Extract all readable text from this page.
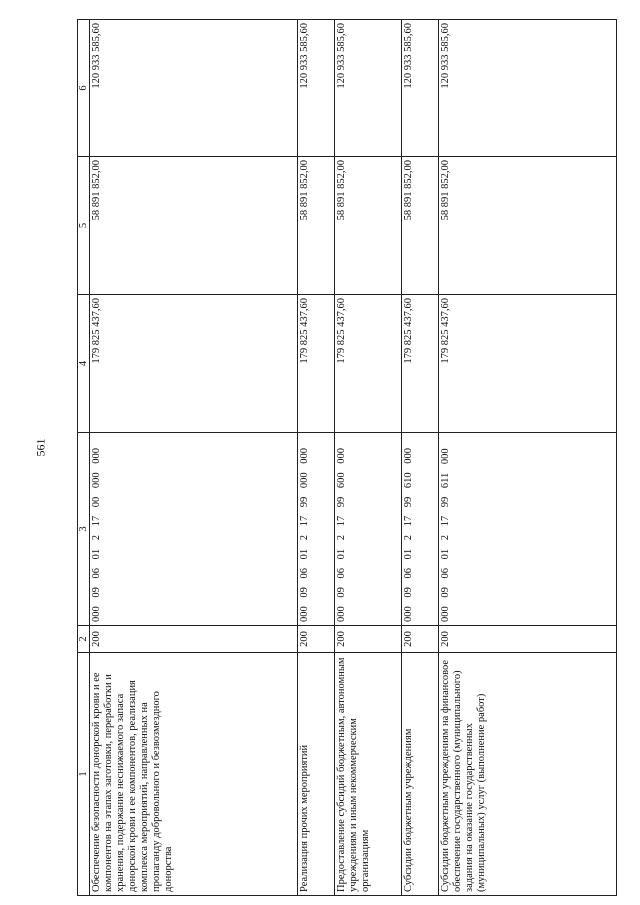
561
1	2	3	4	5	6
Обеспечение безопасности донорской крови и ее компонентов на этапах заготовки, переработки и хранения, подержание неснижаемого запаса донорской крови и ее компонентов, реализация комплекса мероприятий, направленных на пропаганду добровольного и безвозмездного донорства	200	000 09 06 01 2 17 00 000 000	179 825 437,60	58 891 852,00	120 933 585,60
Реализация прочих мероприятий	200	000 09 06 01 2 17 99 000 000	179 825 437,60	58 891 852,00	120 933 585,60
Предоставление субсидий бюджетным, автономным учреждениям и иным некоммерческим организациям	200	000 09 06 01 2 17 99 600 000	179 825 437,60	58 891 852,00	120 933 585,60
Субсидии бюджетным учреждениям	200	000 09 06 01 2 17 99 610 000	179 825 437,60	58 891 852,00	120 933 585,60
Субсидии бюджетным учреждениям на финансовое обеспечение государственного (муниципального) задания на оказание государственных (муниципальных) услуг (выполнение работ)	200	000 09 06 01 2 17 99 611 000	179 825 437,60	58 891 852,00	120 933 585,60
